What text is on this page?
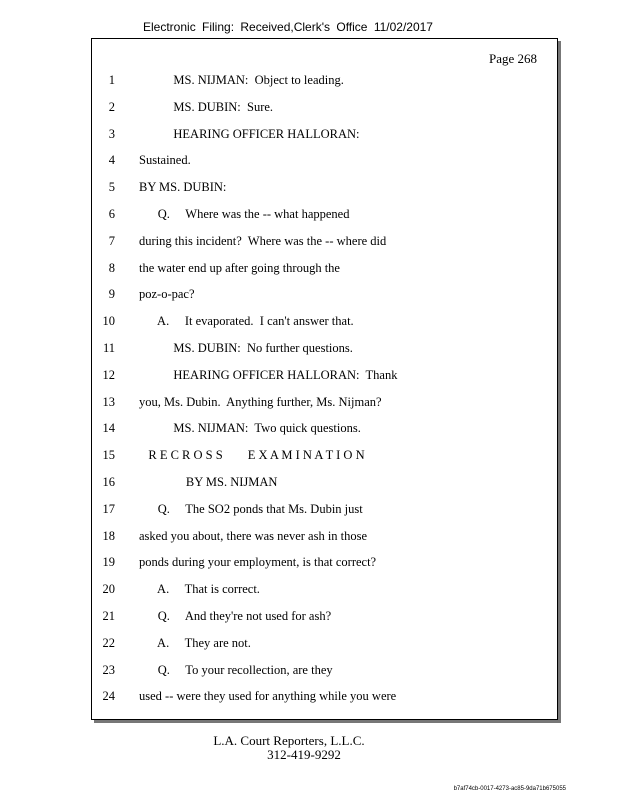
Electronic Filing: Received,Clerk's Office 11/02/2017
Page 268
1 MS. NIJMAN:  Object to leading.
2 MS. DUBIN:  Sure.
3 HEARING OFFICER HALLORAN:
4 Sustained.
5 BY MS. DUBIN:
6 Q.     Where was the -- what happened
7 during this incident?  Where was the -- where did
8 the water end up after going through the
9 poz-o-pac?
10 A.     It evaporated.  I can't answer that.
11 MS. DUBIN:  No further questions.
12 HEARING OFFICER HALLORAN:  Thank
13 you, Ms. Dubin.  Anything further, Ms. Nijman?
14 MS. NIJMAN:  Two quick questions.
15 R E C R O S S        E X A M I N A T I O N
16 BY MS. NIJMAN
17 Q.     The SO2 ponds that Ms. Dubin just
18 asked you about, there was never ash in those
19 ponds during your employment, is that correct?
20 A.     That is correct.
21 Q.     And they're not used for ash?
22 A.     They are not.
23 Q.     To your recollection, are they
24 used -- were they used for anything while you were
L.A. Court Reporters, L.L.C.
312-419-9292
b7af74cb-0017-4273-ac85-9da71b675055
